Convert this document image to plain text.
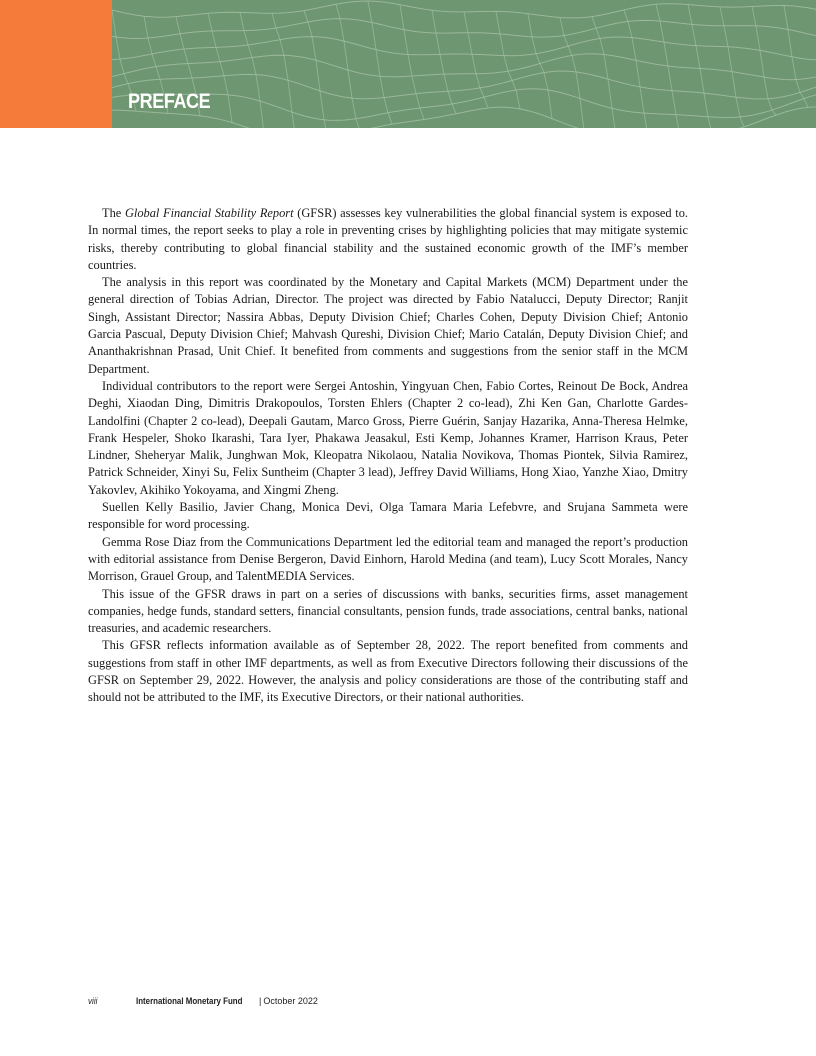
PREFACE

The Global Financial Stability Report (GFSR) assesses key vulnerabilities the global financial system is exposed to. In normal times, the report seeks to play a role in preventing crises by highlighting policies that may mitigate systemic risks, thereby contributing to global financial stability and the sustained economic growth of the IMF’s member countries.

The analysis in this report was coordinated by the Monetary and Capital Markets (MCM) Department under the general direction of Tobias Adrian, Director. The project was directed by Fabio Natalucci, Deputy Director; Ranjit Singh, Assistant Director; Nassira Abbas, Deputy Division Chief; Charles Cohen, Deputy Division Chief; Antonio Garcia Pascual, Deputy Division Chief; Mahvash Qureshi, Division Chief; Mario Catalán, Deputy Division Chief; and Ananthakrishnan Prasad, Unit Chief. It benefited from comments and suggestions from the senior staff in the MCM Department.

Individual contributors to the report were Sergei Antoshin, Yingyuan Chen, Fabio Cortes, Reinout De Bock, Andrea Deghi, Xiaodan Ding, Dimitris Drakopoulos, Torsten Ehlers (Chapter 2 co-lead), Zhi Ken Gan, Charlotte Gardes-Landolfini (Chapter 2 co-lead), Deepali Gautam, Marco Gross, Pierre Guérin, Sanjay Hazarika, Anna-Theresa Helmke, Frank Hespeler, Shoko Ikarashi, Tara Iyer, Phakawa Jeasakul, Esti Kemp, Johannes Kramer, Harrison Kraus, Peter Lindner, Sheheryar Malik, Junghwan Mok, Kleopatra Nikolaou, Natalia Novikova, Thomas Piontek, Silvia Ramirez, Patrick Schneider, Xinyi Su, Felix Suntheim (Chapter 3 lead), Jeffrey David Williams, Hong Xiao, Yanzhe Xiao, Dmitry Yakovlev, Akihiko Yokoyama, and Xingmi Zheng.

Suellen Kelly Basilio, Javier Chang, Monica Devi, Olga Tamara Maria Lefebvre, and Srujana Sammeta were responsible for word processing.

Gemma Rose Diaz from the Communications Department led the editorial team and managed the report’s production with editorial assistance from Denise Bergeron, David Einhorn, Harold Medina (and team), Lucy Scott Morales, Nancy Morrison, Grauel Group, and TalentMEDIA Services.

This issue of the GFSR draws in part on a series of discussions with banks, securities firms, asset management companies, hedge funds, standard setters, financial consultants, pension funds, trade associations, central banks, national treasuries, and academic researchers.

This GFSR reflects information available as of September 28, 2022. The report benefited from comments and suggestions from staff in other IMF departments, as well as from Executive Directors following their discussions of the GFSR on September 29, 2022. However, the analysis and policy considerations are those of the contributing staff and should not be attributed to the IMF, its Executive Directors, or their national authorities.

viii	International Monetary Fund | October 2022
